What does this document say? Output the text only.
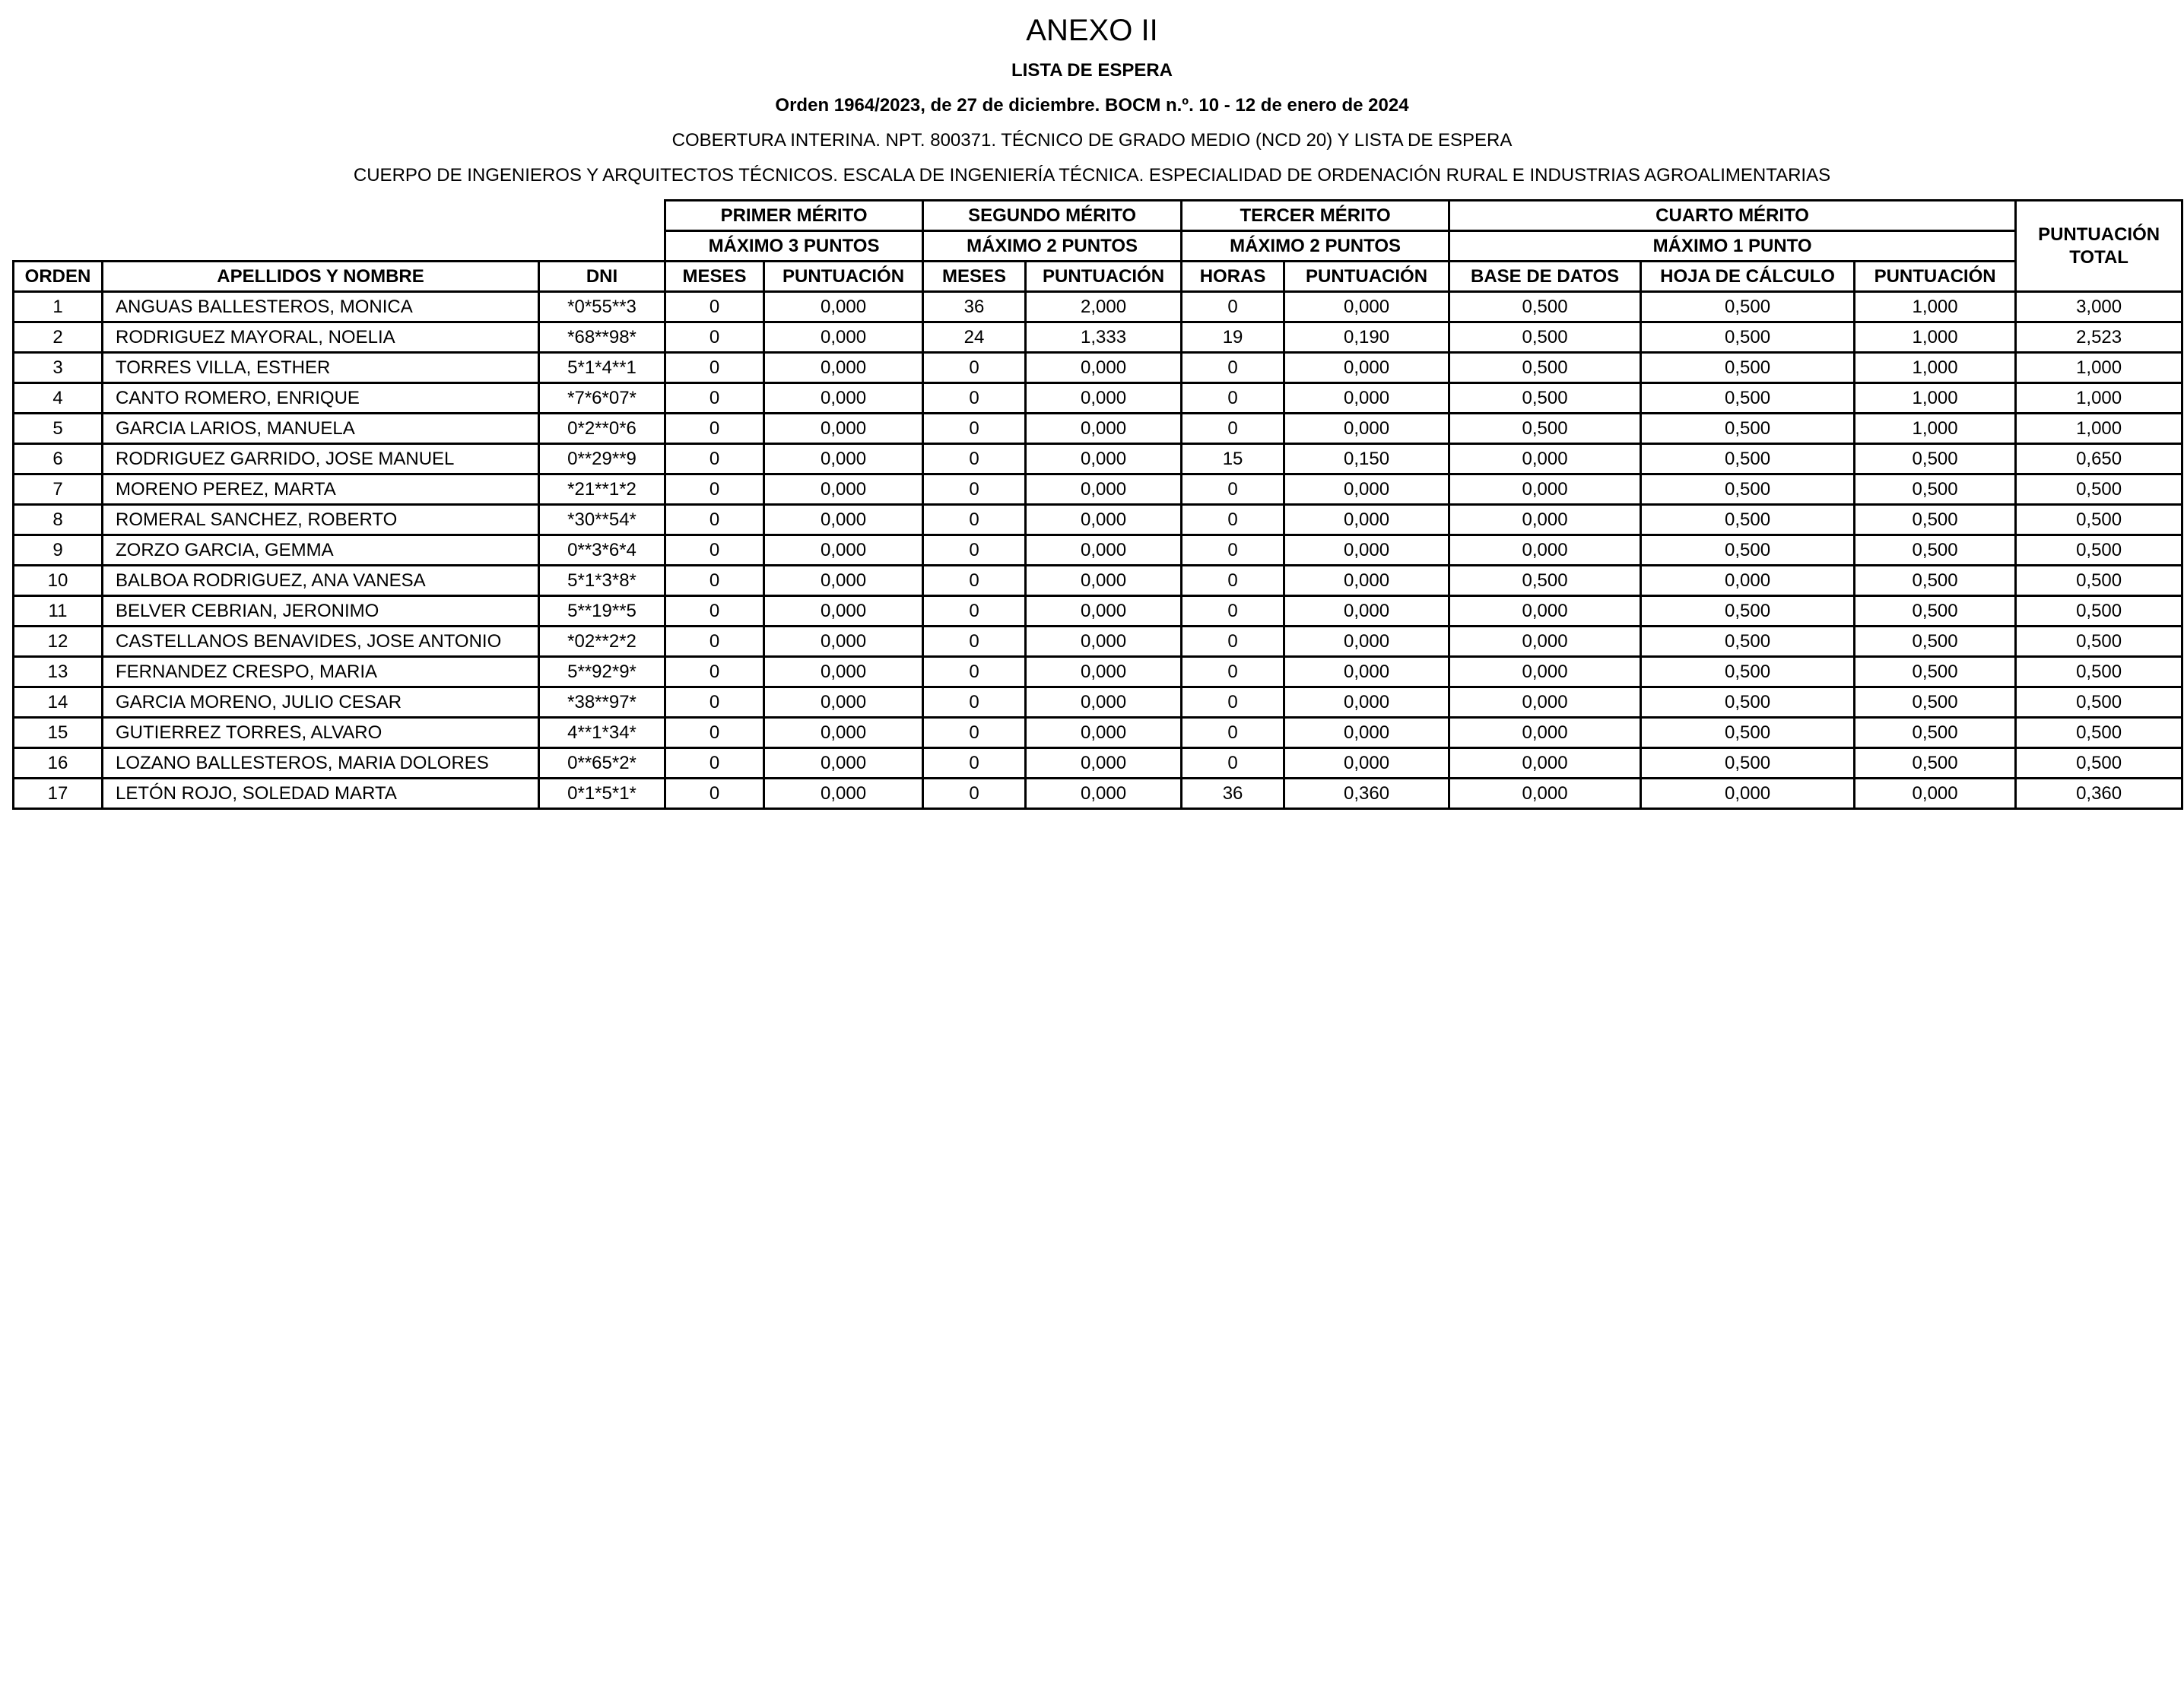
ANEXO II
LISTA DE ESPERA
Orden 1964/2023, de 27 de diciembre. BOCM n.º. 10 - 12 de enero de 2024
COBERTURA INTERINA. NPT. 800371. TÉCNICO DE GRADO MEDIO (NCD 20) Y LISTA DE ESPERA
CUERPO DE INGENIEROS Y ARQUITECTOS TÉCNICOS. ESCALA DE INGENIERÍA TÉCNICA. ESPECIALIDAD DE ORDENACIÓN RURAL E INDUSTRIAS AGROALIMENTARIAS
			PRIMER MÉRITO		SEGUNDO MÉRITO		TERCER MÉRITO		CUARTO MÉRITO			PUNTUACIÓN TOTAL
			MÁXIMO 3 PUNTOS		MÁXIMO 2 PUNTOS		MÁXIMO 2 PUNTOS		MÁXIMO 1 PUNTO			
ORDEN	APELLIDOS Y NOMBRE	DNI	MESES	PUNTUACIÓN	MESES	PUNTUACIÓN	HORAS	PUNTUACIÓN	BASE DE DATOS	HOJA DE CÁLCULO	PUNTUACIÓN	
1	ANGUAS BALLESTEROS, MONICA	*0*55**3	0	0,000	36	2,000	0	0,000	0,500	0,500	1,000	3,000
2	RODRIGUEZ MAYORAL, NOELIA	*68**98*	0	0,000	24	1,333	19	0,190	0,500	0,500	1,000	2,523
3	TORRES VILLA, ESTHER	5*1*4**1	0	0,000	0	0,000	0	0,000	0,500	0,500	1,000	1,000
4	CANTO ROMERO, ENRIQUE	*7*6*07*	0	0,000	0	0,000	0	0,000	0,500	0,500	1,000	1,000
5	GARCIA LARIOS, MANUELA	0*2**0*6	0	0,000	0	0,000	0	0,000	0,500	0,500	1,000	1,000
6	RODRIGUEZ GARRIDO, JOSE MANUEL	0**29**9	0	0,000	0	0,000	15	0,150	0,000	0,500	0,500	0,650
7	MORENO PEREZ, MARTA	*21**1*2	0	0,000	0	0,000	0	0,000	0,000	0,500	0,500	0,500
8	ROMERAL SANCHEZ, ROBERTO	*30**54*	0	0,000	0	0,000	0	0,000	0,000	0,500	0,500	0,500
9	ZORZO GARCIA, GEMMA	0**3*6*4	0	0,000	0	0,000	0	0,000	0,000	0,500	0,500	0,500
10	BALBOA RODRIGUEZ, ANA VANESA	5*1*3*8*	0	0,000	0	0,000	0	0,000	0,500	0,000	0,500	0,500
11	BELVER CEBRIAN, JERONIMO	5**19**5	0	0,000	0	0,000	0	0,000	0,000	0,500	0,500	0,500
12	CASTELLANOS BENAVIDES, JOSE ANTONIO	*02**2*2	0	0,000	0	0,000	0	0,000	0,000	0,500	0,500	0,500
13	FERNANDEZ CRESPO, MARIA	5**92*9*	0	0,000	0	0,000	0	0,000	0,000	0,500	0,500	0,500
14	GARCIA MORENO, JULIO CESAR	*38**97*	0	0,000	0	0,000	0	0,000	0,000	0,500	0,500	0,500
15	GUTIERREZ TORRES, ALVARO	4**1*34*	0	0,000	0	0,000	0	0,000	0,000	0,500	0,500	0,500
16	LOZANO BALLESTEROS, MARIA DOLORES	0**65*2*	0	0,000	0	0,000	0	0,000	0,000	0,500	0,500	0,500
17	LETÓN ROJO, SOLEDAD MARTA	0*1*5*1*	0	0,000	0	0,000	36	0,360	0,000	0,000	0,000	0,360
